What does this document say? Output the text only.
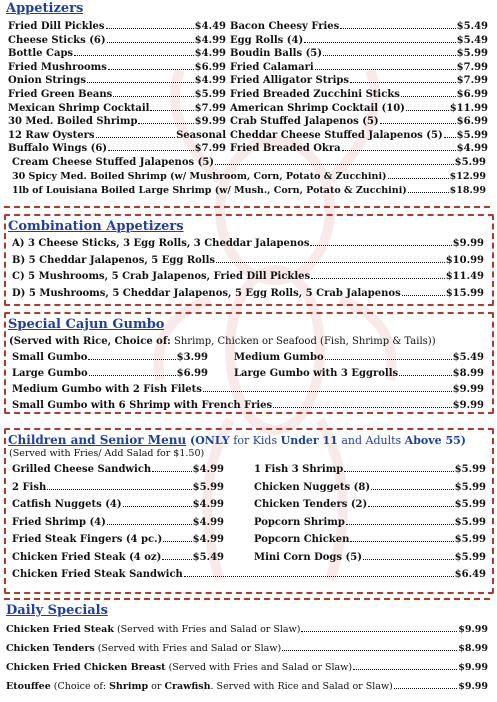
Appetizers
Fried Dill Pickles	$4.49
Cheese Sticks (6)	$4.99
Bottle Caps	$4.99
Fried Mushrooms	$6.99
Onion Strings	$4.99
Fried Green Beans	$5.99
Mexican Shrimp Cocktail	$7.99
30 Med. Boiled Shrimp	$9.99
12 Raw Oysters	Seasonal
Buffalo Wings (6)	$7.99
Bacon Cheesy Fries	$5.49
Egg Rolls (4)	$5.49
Boudin Balls (5)	$5.99
Fried Calamari	$7.99
Fried Alligator Strips	$7.99
Fried Breaded Zucchini Sticks	$6.99
American Shrimp Cocktail (10)	$11.99
Crab Stuffed Jalapenos (5)	$6.99
Cheddar Cheese Stuffed Jalapenos (5) $5.99
Fried Breaded Okra	$4.99
Cream Cheese Stuffed Jalapenos (5)	$5.99
30 Spicy Med. Boiled Shrimp (w/ Mushroom, Corn, Potato & Zucchini)	$12.99
1lb of Louisiana Boiled Large Shrimp (w/ Mush., Corn, Potato & Zucchini)	$18.99
Combination Appetizers
A) 3 Cheese Sticks, 3 Egg Rolls, 3 Cheddar Jalapenos	$9.99
B) 5 Cheddar Jalapenos, 5 Egg Rolls	$10.99
C) 5 Mushrooms, 5 Crab Jalapenos, Fried Dill Pickles	$11.49
D) 5 Mushrooms, 5 Cheddar Jalapenos, 5 Egg Rolls, 5 Crab Jalapenos	$15.99
Special Cajun Gumbo
(Served with Rice, Choice of: Shrimp, Chicken or Seafood (Fish, Shrimp & Tails))
Small Gumbo	$3.99
Large Gumbo	$6.99
Medium Gumbo	$5.49
Large Gumbo with 3 Eggrolls	$8.99
Medium Gumbo with 2 Fish Filets	$9.99
Small Gumbo with 6 Shrimp with French Fries	$9.99
Children and Senior Menu (ONLY for Kids Under 11 and Adults Above 55)
(Served with Fries/ Add Salad for $1.50)
Grilled Cheese Sandwich	$4.99
2 Fish	$5.99
Catfish Nuggets (4)	$4.99
Fried Shrimp (4)	$4.99
Fried Steak Fingers (4 pc.)	$4.99
Chicken Fried Steak (4 oz)	$5.49
1 Fish 3 Shrimp	$5.99
Chicken Nuggets (8)	$5.99
Chicken Tenders (2)	$5.99
Popcorn Shrimp	$5.99
Popcorn Chicken	$5.99
Mini Corn Dogs (5)	$5.99
Chicken Fried Steak Sandwich	$6.49
Daily Specials
Chicken Fried Steak (Served with Fries and Salad or Slaw)	$9.99
Chicken Tenders (Served with Fries and Salad or Slaw)	$8.99
Chicken Fried Chicken Breast (Served with Fries and Salad or Slaw)	$9.99
Etouffee (Choice of: Shrimp or Crawfish. Served with Rice and Salad or Slaw)	$9.99
